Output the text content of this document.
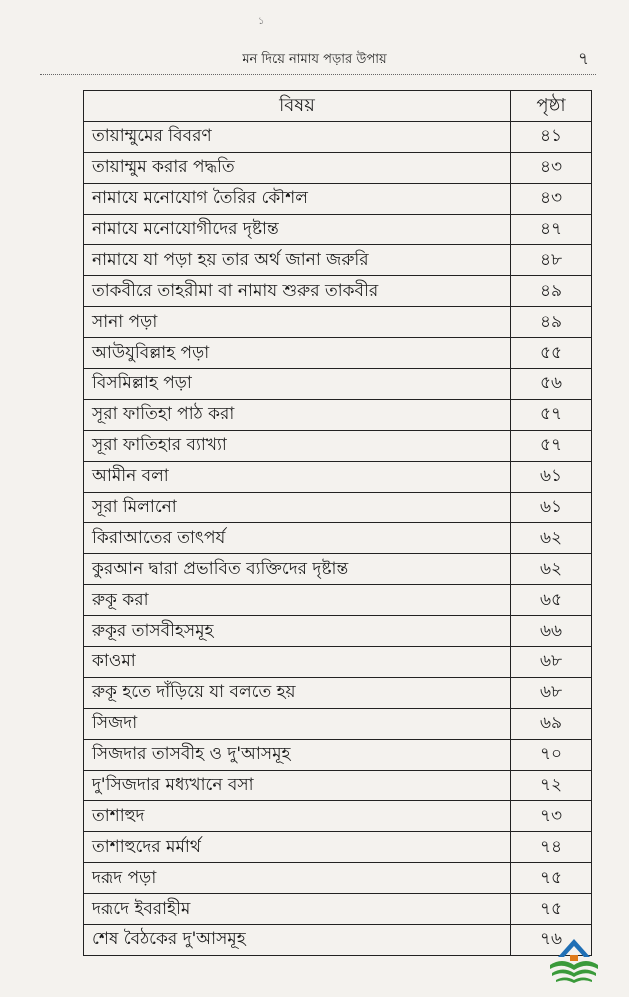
১
মন দিয়ে নামায পড়ার উপায়	৭
বিষয়	পৃষ্ঠা
তায়াম্মুমের বিবরণ	৪১
তায়াম্মুম করার পদ্ধতি	৪৩
নামাযে মনোযোগ তৈরির কৌশল	৪৩
নামাযে মনোযোগীদের দৃষ্টান্ত	৪৭
নামাযে যা পড়া হয় তার অর্থ জানা জরুরি	৪৮
তাকবীরে তাহরীমা বা নামায শুরুর তাকবীর	৪৯
সানা পড়া	৪৯
আউযুবিল্লাহ পড়া	৫৫
বিসমিল্লাহ পড়া	৫৬
সূরা ফাতিহা পাঠ করা	৫৭
সূরা ফাতিহার ব্যাখ্যা	৫৭
আমীন বলা	৬১
সূরা মিলানো	৬১
কিরাআতের তাৎপর্য	৬২
কুরআন দ্বারা প্রভাবিত ব্যক্তিদের দৃষ্টান্ত	৬২
রুকূ করা	৬৫
রুকূর তাসবীহসমূহ	৬৬
কাওমা	৬৮
রুকূ হতে দাঁড়িয়ে যা বলতে হয়	৬৮
সিজদা	৬৯
সিজদার তাসবীহ ও দু'আসমূহ	৭০
দু'সিজদার মধ্যখানে বসা	৭২
তাশাহুদ	৭৩
তাশাহুদের মর্মার্থ	৭৪
দরূদ পড়া	৭৫
দরূদে ইবরাহীম	৭৫
শেষ বৈঠকের দু'আসমূহ	৭৬
